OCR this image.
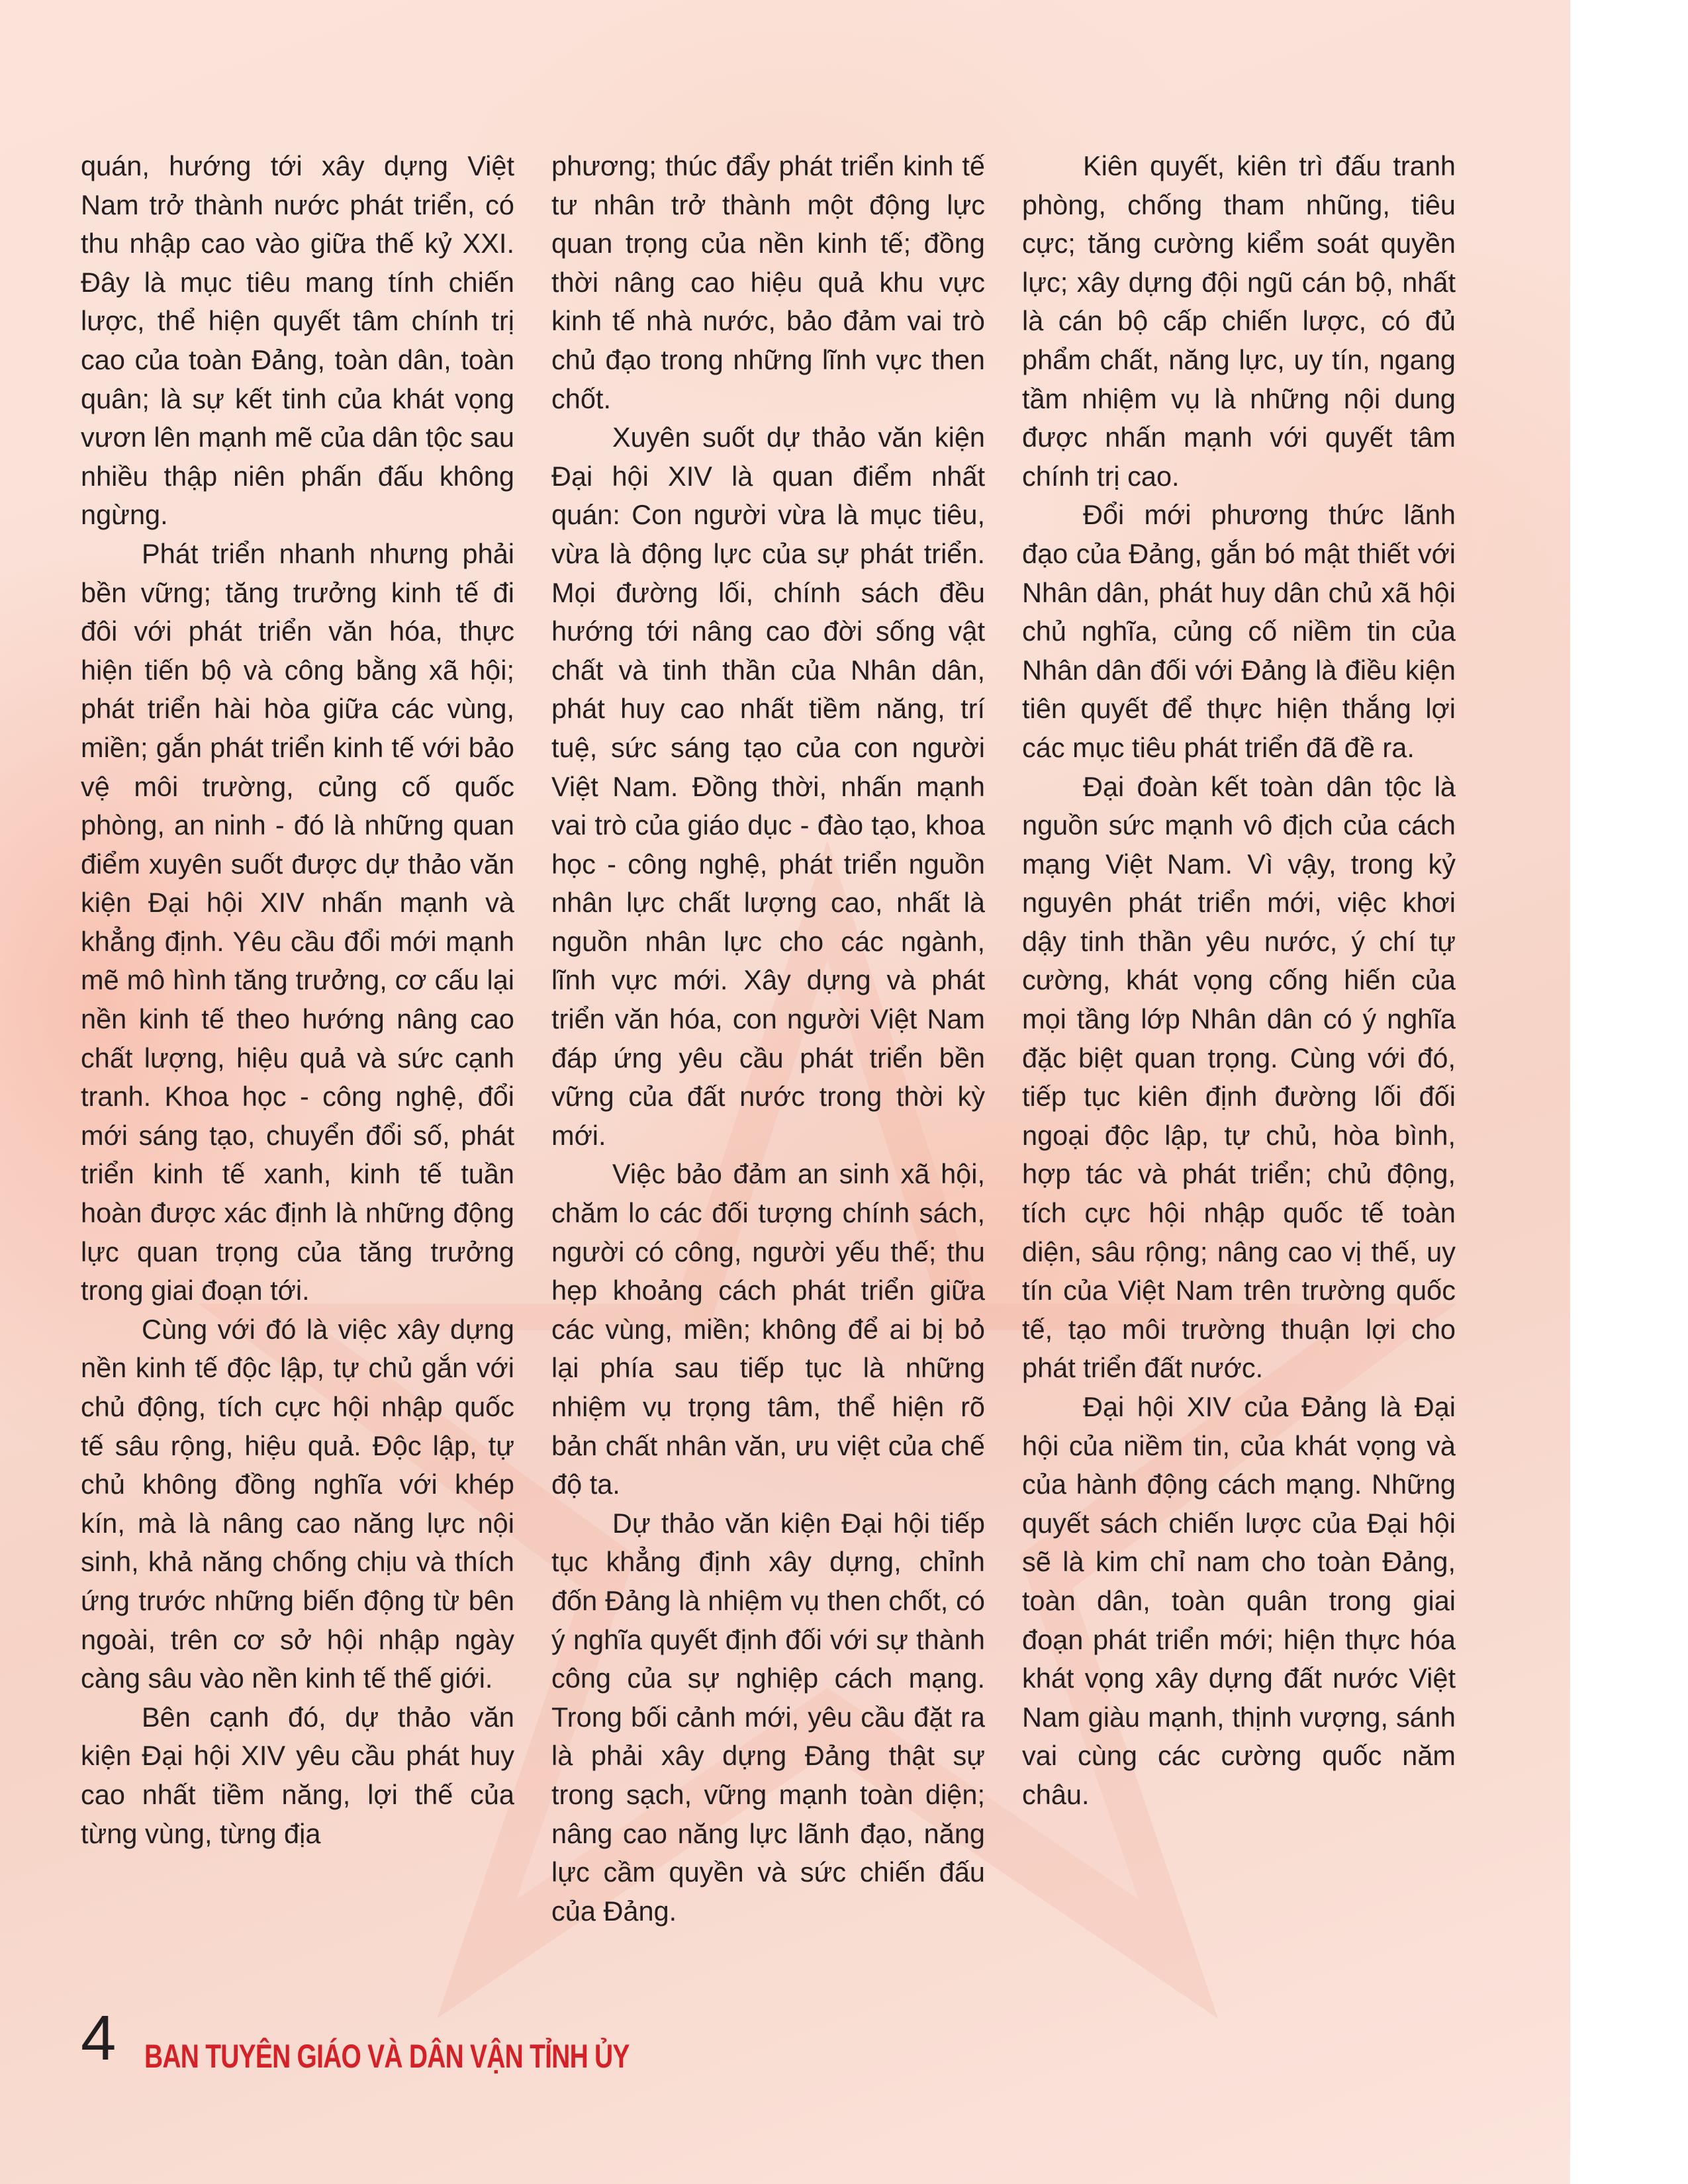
quán, hướng tới xây dựng Việt Nam trở thành nước phát triển, có thu nhập cao vào giữa thế kỷ XXI. Đây là mục tiêu mang tính chiến lược, thể hiện quyết tâm chính trị cao của toàn Đảng, toàn dân, toàn quân; là sự kết tinh của khát vọng vươn lên mạnh mẽ của dân tộc sau nhiều thập niên phấn đấu không ngừng.

Phát triển nhanh nhưng phải bền vững; tăng trưởng kinh tế đi đôi với phát triển văn hóa, thực hiện tiến bộ và công bằng xã hội; phát triển hài hòa giữa các vùng, miền; gắn phát triển kinh tế với bảo vệ môi trường, củng cố quốc phòng, an ninh - đó là những quan điểm xuyên suốt được dự thảo văn kiện Đại hội XIV nhấn mạnh và khẳng định. Yêu cầu đổi mới mạnh mẽ mô hình tăng trưởng, cơ cấu lại nền kinh tế theo hướng nâng cao chất lượng, hiệu quả và sức cạnh tranh. Khoa học - công nghệ, đổi mới sáng tạo, chuyển đổi số, phát triển kinh tế xanh, kinh tế tuần hoàn được xác định là những động lực quan trọng của tăng trưởng trong giai đoạn tới.

Cùng với đó là việc xây dựng nền kinh tế độc lập, tự chủ gắn với chủ động, tích cực hội nhập quốc tế sâu rộng, hiệu quả. Độc lập, tự chủ không đồng nghĩa với khép kín, mà là nâng cao năng lực nội sinh, khả năng chống chịu và thích ứng trước những biến động từ bên ngoài, trên cơ sở hội nhập ngày càng sâu vào nền kinh tế thế giới.

Bên cạnh đó, dự thảo văn kiện Đại hội XIV yêu cầu phát huy cao nhất tiềm năng, lợi thế của từng vùng, từng địa

phương; thúc đẩy phát triển kinh tế tư nhân trở thành một động lực quan trọng của nền kinh tế; đồng thời nâng cao hiệu quả khu vực kinh tế nhà nước, bảo đảm vai trò chủ đạo trong những lĩnh vực then chốt.

Xuyên suốt dự thảo văn kiện Đại hội XIV là quan điểm nhất quán: Con người vừa là mục tiêu, vừa là động lực của sự phát triển. Mọi đường lối, chính sách đều hướng tới nâng cao đời sống vật chất và tinh thần của Nhân dân, phát huy cao nhất tiềm năng, trí tuệ, sức sáng tạo của con người Việt Nam. Đồng thời, nhấn mạnh vai trò của giáo dục - đào tạo, khoa học - công nghệ, phát triển nguồn nhân lực chất lượng cao, nhất là nguồn nhân lực cho các ngành, lĩnh vực mới. Xây dựng và phát triển văn hóa, con người Việt Nam đáp ứng yêu cầu phát triển bền vững của đất nước trong thời kỳ mới.

Việc bảo đảm an sinh xã hội, chăm lo các đối tượng chính sách, người có công, người yếu thế; thu hẹp khoảng cách phát triển giữa các vùng, miền; không để ai bị bỏ lại phía sau tiếp tục là những nhiệm vụ trọng tâm, thể hiện rõ bản chất nhân văn, ưu việt của chế độ ta.

Dự thảo văn kiện Đại hội tiếp tục khẳng định xây dựng, chỉnh đốn Đảng là nhiệm vụ then chốt, có ý nghĩa quyết định đối với sự thành công của sự nghiệp cách mạng. Trong bối cảnh mới, yêu cầu đặt ra là phải xây dựng Đảng thật sự trong sạch, vững mạnh toàn diện; nâng cao năng lực lãnh đạo, năng lực cầm quyền và sức chiến đấu của Đảng.

Kiên quyết, kiên trì đấu tranh phòng, chống tham nhũng, tiêu cực; tăng cường kiểm soát quyền lực; xây dựng đội ngũ cán bộ, nhất là cán bộ cấp chiến lược, có đủ phẩm chất, năng lực, uy tín, ngang tầm nhiệm vụ là những nội dung được nhấn mạnh với quyết tâm chính trị cao.

Đổi mới phương thức lãnh đạo của Đảng, gắn bó mật thiết với Nhân dân, phát huy dân chủ xã hội chủ nghĩa, củng cố niềm tin của Nhân dân đối với Đảng là điều kiện tiên quyết để thực hiện thắng lợi các mục tiêu phát triển đã đề ra.

Đại đoàn kết toàn dân tộc là nguồn sức mạnh vô địch của cách mạng Việt Nam. Vì vậy, trong kỷ nguyên phát triển mới, việc khơi dậy tinh thần yêu nước, ý chí tự cường, khát vọng cống hiến của mọi tầng lớp Nhân dân có ý nghĩa đặc biệt quan trọng. Cùng với đó, tiếp tục kiên định đường lối đối ngoại độc lập, tự chủ, hòa bình, hợp tác và phát triển; chủ động, tích cực hội nhập quốc tế toàn diện, sâu rộng; nâng cao vị thế, uy tín của Việt Nam trên trường quốc tế, tạo môi trường thuận lợi cho phát triển đất nước.

Đại hội XIV của Đảng là Đại hội của niềm tin, của khát vọng và của hành động cách mạng. Những quyết sách chiến lược của Đại hội sẽ là kim chỉ nam cho toàn Đảng, toàn dân, toàn quân trong giai đoạn phát triển mới; hiện thực hóa khát vọng xây dựng đất nước Việt Nam giàu mạnh, thịnh vượng, sánh vai cùng các cường quốc năm châu.

4 BAN TUYÊN GIÁO VÀ DÂN VẬN TỈNH ỦY
